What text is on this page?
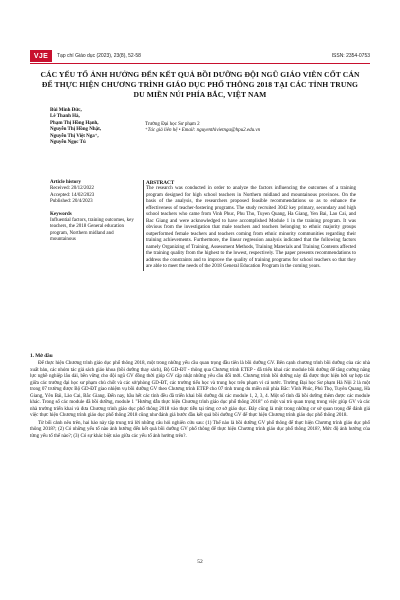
VJE	Tạp chí Giáo dục (2023), 23(8), 52-58	ISSN: 2354-0753
CÁC YẾU TỐ ẢNH HƯỞNG ĐẾN KẾT QUẢ BỒI DƯỠNG ĐỘI NGŨ GIÁO VIÊN CỐT CÁN ĐỂ THỰC HIỆN CHƯƠNG TRÌNH GIÁO DỤC PHỔ THÔNG 2018 TẠI CÁC TỈNH TRUNG DU MIỀN NÚI PHÍA BẮC, VIỆT NAM
Bùi Minh Đức,
Lê Thanh Hà,
Phạm Thị Hồng Hạnh,
Nguyễn Thị Hồng Nhật,
Nguyễn Thị Việt Nga⁺,
Nguyễn Ngọc Tú
Trường Đại học Sư phạm 2
⁺Tác giả liên hệ • Email: nguyenthivietnga@hpu2.edu.vn
Article history
Received: 20/12/2022
Accepted: 14/02/2023
Published: 20/4/2023
Keywords
Influential factors, training outcomes, key teachers, the 2018 General education program, Northern midland and mountainous
ABSTRACT
The research was conducted in order to analyze the factors influencing the outcomes of a training program designed for high school teachers in Northern midland and mountainous provinces. On the basis of the analysis, the researchers proposed feasible recommendations so as to enhance the effectiveness of teacher-fostering programs. The study recruited 3042 key primary, secondary and high school teachers who came from Vinh Phuc, Phu Tho, Tuyen Quang, Ha Giang, Yen Bai, Lao Cai, and Bac Giang and were acknowledged to have accomplished Module 1 in the training program. It was obvious from the investigation that male teachers and teachers belonging to ethnic majority groups outperformed female teachers and teachers coming from ethnic minority communities regarding their training achievements. Furthermore, the linear regression analysis indicated that the following factors namely Organizing of Training, Assessment Methods, Training Materials and Training Contents affected the training quality from the highest to the lowest, respectively. The paper presents recommendations to address the constraints and to improve the quality of training programs for school teachers so that they are able to meet the needs of the 2018 General Education Program in the coming years.
1. Mở đầu

Để thực hiện Chương trình giáo dục phổ thông 2018, một trong những yếu cầu quan trọng đầu tiên là bồi dưỡng GV. Bên cạnh chương trình bồi dưỡng của các nhà xuất bản, các nhóm tác giả sách giáo khoa (bồi dưỡng thay sách), Bộ GD-ĐT - thông qua Chương trình ETEP - đã triển khai các module bồi dưỡng để tăng cường năng lực nghề nghiệp lâu dài, bền vững cho đội ngũ GV đồng thời giúp GV cập nhật những yêu cầu đổi mới. Chương trình bồi dưỡng này đã được thực hiện bởi sự hợp tác giữa các trường đại học sư phạm chủ chốt và các sở/phòng GD-ĐT, các trường tiểu học và trung học trên phạm vi cả nước. Trường Đại học Sư phạm Hà Nội 2 là một trong 07 trường được Bộ GD-ĐT giao nhiệm vụ bồi dưỡng GV theo Chương trình ETEP cho 07 tỉnh trung du miền núi phía Bắc: Vĩnh Phúc, Phú Thọ, Tuyên Quang, Hà Giang, Yên Bái, Lào Cai, Bắc Giang. Đến nay, hầu hết các tỉnh đều đã triển khai bồi dưỡng đủ các module 1, 2, 3, 4. Một số tỉnh đã bồi dưỡng thêm được các module khác. Trong số các module đã bồi dưỡng, module 1 "Hướng dẫn thực hiện Chương trình giáo dục phổ thông 2018" có một vai trò quan trọng trong việc giúp GV và các nhà trường triển khai và đưa Chương trình giáo dục phổ thông 2018 vào thực tiễn tại từng cơ sở giáo dục. Đây cũng là một trong những cơ sở quan trọng để đánh giá việc thực hiện Chương trình giáo dục phổ thông 2018 cũng như đánh giá bước đầu kết quả bồi dưỡng GV để thực hiện Chương trình giáo dục phổ thông 2018.

Từ bối cảnh nêu trên, hai hào này tập trung trả lời những câu hỏi nghiên cứu sau: (1) Thế nào là bồi dưỡng GV phổ thông để thực hiện Chương trình giáo dục phổ thông 2018?; (2) Có những yếu tố nào ảnh hưởng đến kết quả bồi dưỡng GV phổ thông để thực hiện Chương trình giáo dục phổ thông 2018?, Mức độ ảnh hưởng của từng yếu tố thế nào?; (3) Có sự khác biệt nào giữa các yếu tố ảnh hưởng trên?.

52
